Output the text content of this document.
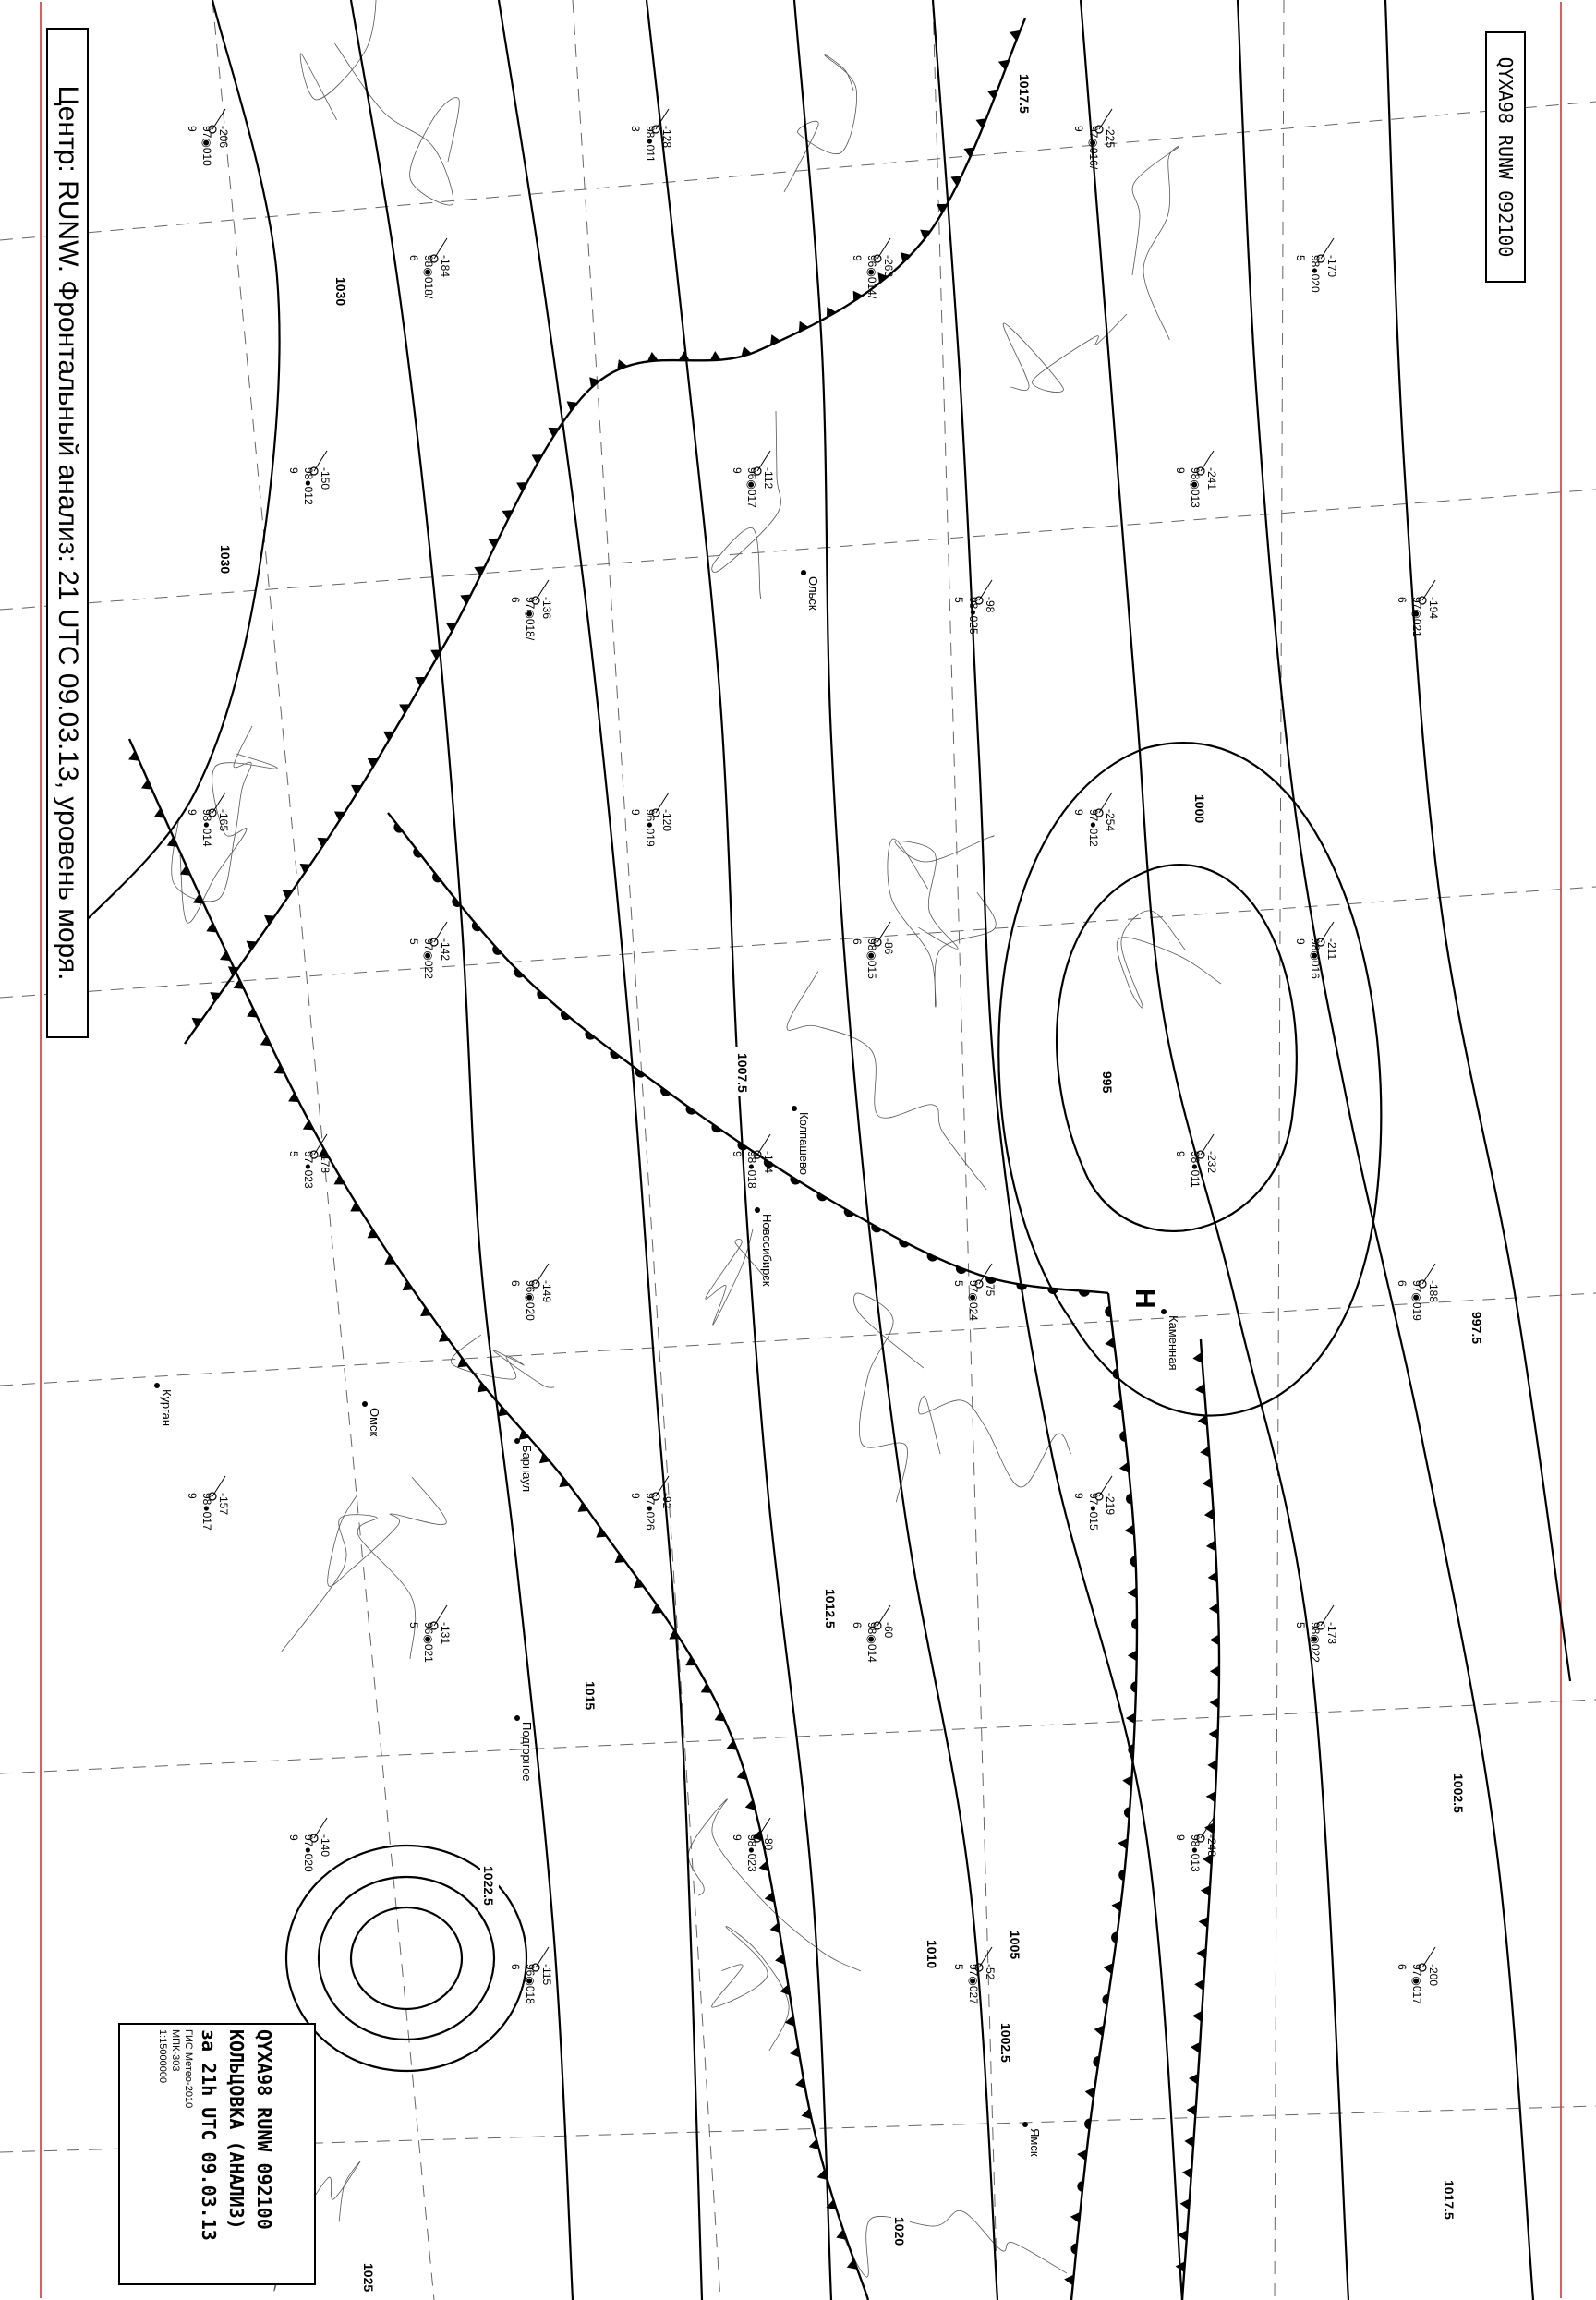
-206
97◉010
9
-184
98◉018/
6
-128
98●011
3
-263
96◉014/
9
-225
97◉016/
9
-170
98●020
5
-150
98●012
9
-136
97◉018/
6
-112
96◉017
9
-98
98●025
5
-241
98◉013
9
-194
97◉021
6
-165
98●014
9
-142
97◉022
5
-120
96●019
9
-86
98◉015
6
-254
97●012
9
-211
98◉016
9
-178
97●023
5
-149
96◉020
6
-104
98●018
9
-75
97◉024
5
-232
98●011
9
-188
97◉019
6
-157
98●017
9
-131
96◉021
5
-92
97●026
9
-60
98◉014
6
-219
97●015
9
-173
98◉022
5
-140
97●020
9
-115
96◉018
6
-80
98●023
9
-52
97◉027
5
-248
98●013
9
-200
97◉017
6
Новосибирск
Омск
Колпашево
Курган
Барнаул
Ольск
Каменная
Подгорное
Ямск
1030
1030
1025
1022.5
1020
1017.5
1015
1012.5
1010
1007.5
1005
1002.5
1002.5
1000
997.5
995
1017.5
Н
Центр: RUNW. Фронтальный анализ: 21 UTC 09.03.13, уровень моря.	QYXA98 RUNW 092100
QYXA98 RUNW 092100
КОЛЬЦОВКА (АНАЛИЗ)
за 21h UTC 09.03.13
ГИС Метео-2010
МПК-303
1:15000000
